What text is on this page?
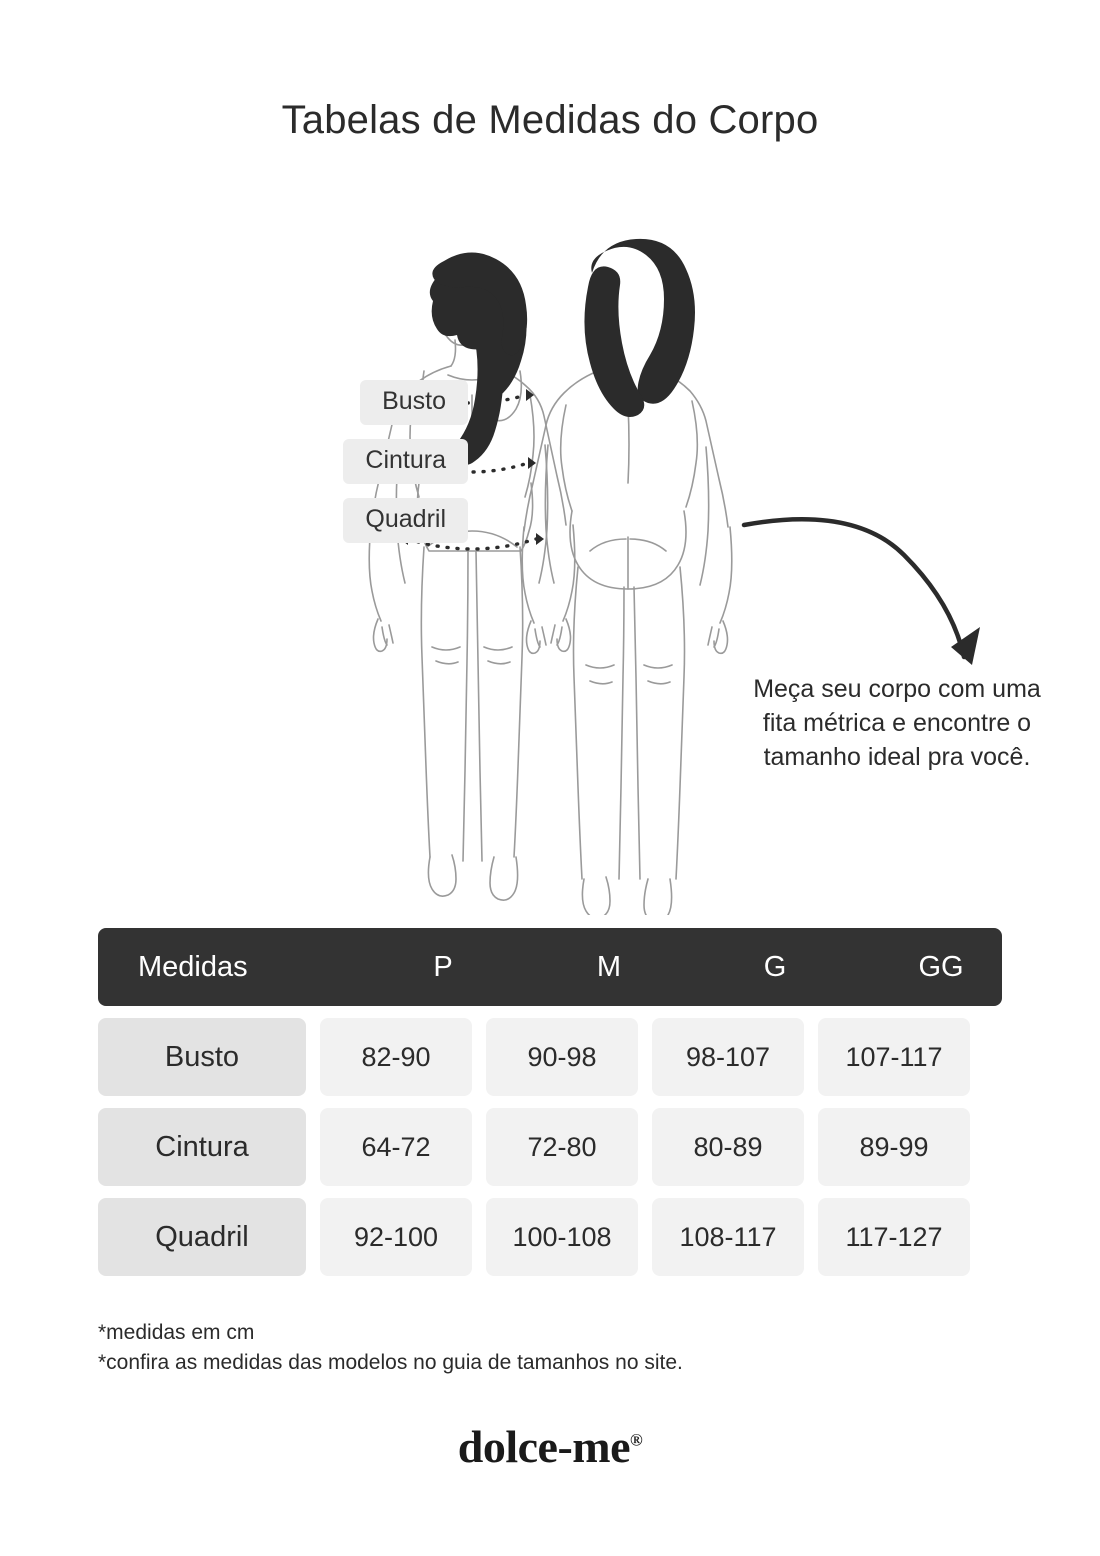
Tabelas de Medidas do Corpo
Busto
Cintura
Quadril
Meça seu corpo com uma fita métrica e encontre o tamanho ideal pra você.
Medidas	P	M	G	GG
Busto	82-90	90-98	98-107	107-117
Cintura	64-72	72-80	80-89	89-99
Quadril	92-100	100-108	108-117	117-127
*medidas em cm
*confira as medidas das modelos no guia de tamanhos no site.
dolce-me®
